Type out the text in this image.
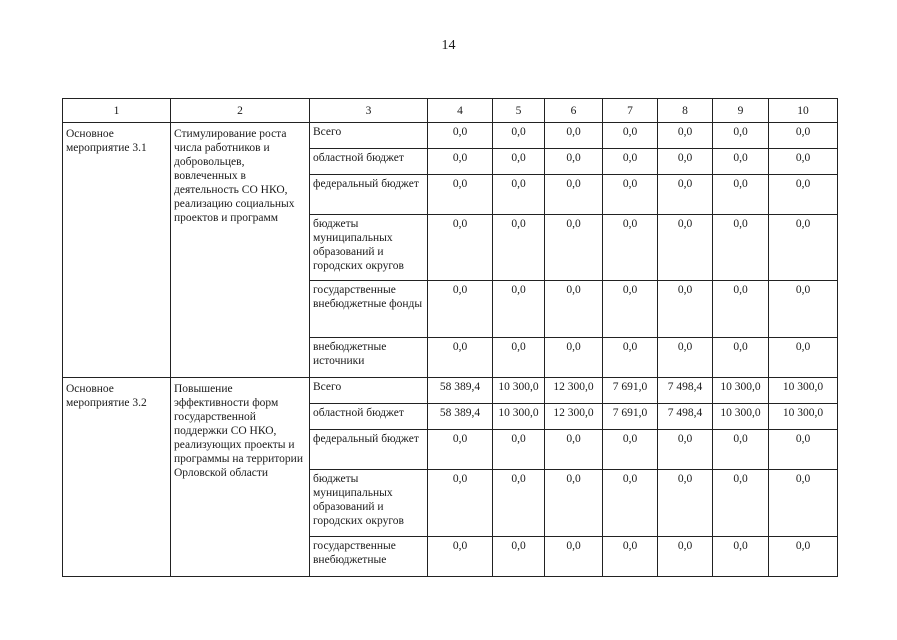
14
1	2	3	4	5	6	7	8	9	10
Основное мероприятие 3.1	Стимулирование роста числа работников и добровольцев, вовлеченных в деятельность СО НКО, реализацию социальных проектов и программ	Всего	0,0	0,0	0,0	0,0	0,0	0,0	0,0
		областной бюджет	0,0	0,0	0,0	0,0	0,0	0,0	0,0
		федеральный бюджет	0,0	0,0	0,0	0,0	0,0	0,0	0,0
		бюджеты муниципальных образований и городских округов	0,0	0,0	0,0	0,0	0,0	0,0	0,0
		государственные внебюджетные фонды	0,0	0,0	0,0	0,0	0,0	0,0	0,0
		внебюджетные источники	0,0	0,0	0,0	0,0	0,0	0,0	0,0
Основное мероприятие 3.2	Повышение эффективности форм государственной поддержки СО НКО, реализующих проекты и программы на территории Орловской области	Всего	58 389,4	10 300,0	12 300,0	7 691,0	7 498,4	10 300,0	10 300,0
		областной бюджет	58 389,4	10 300,0	12 300,0	7 691,0	7 498,4	10 300,0	10 300,0
		федеральный бюджет	0,0	0,0	0,0	0,0	0,0	0,0	0,0
		бюджеты муниципальных образований и городских округов	0,0	0,0	0,0	0,0	0,0	0,0	0,0
		государственные внебюджетные	0,0	0,0	0,0	0,0	0,0	0,0	0,0
